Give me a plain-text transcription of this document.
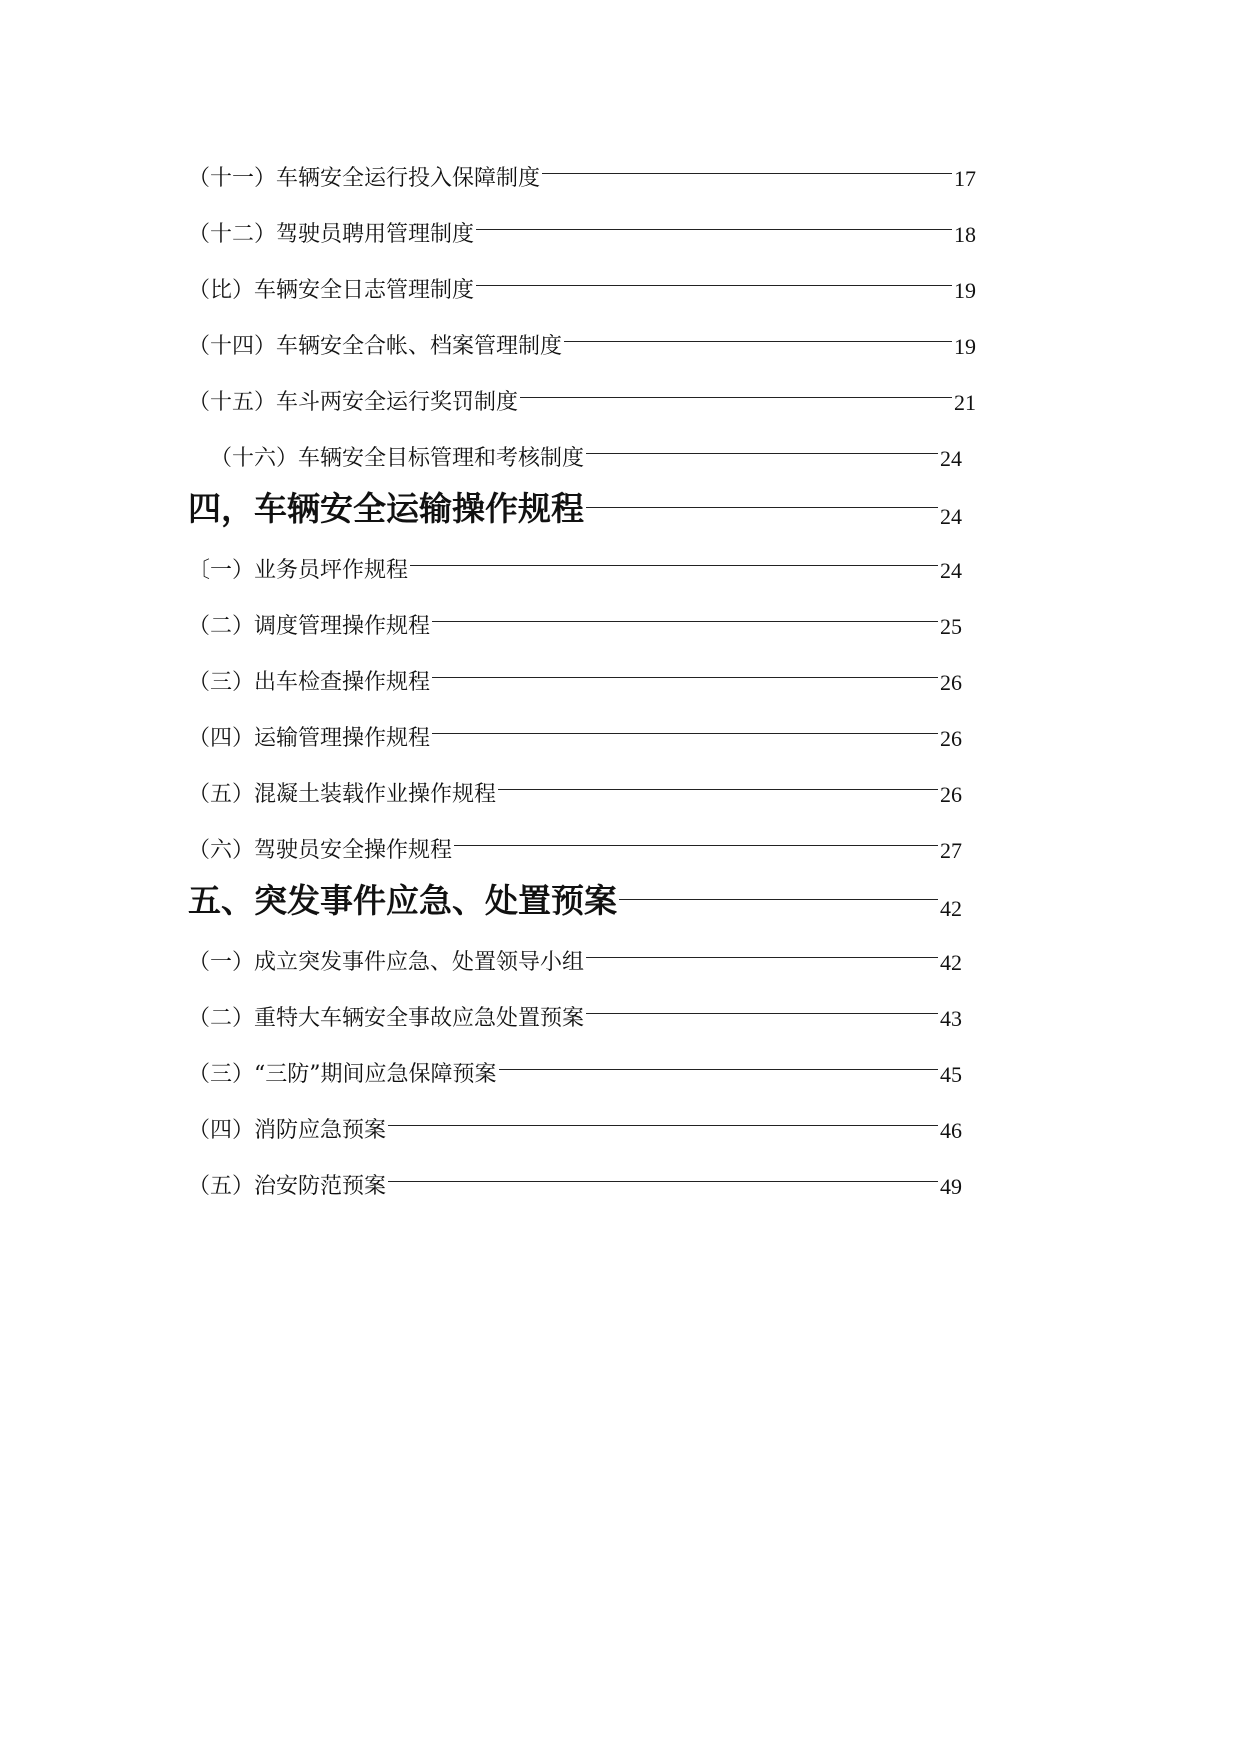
（十一）车辆安全运行投入保障制度	17
（十二）驾驶员聘用管理制度	18
（比）车辆安全日志管理制度	19
（十四）车辆安全合帐、档案管理制度	19
（十五）车斗两安全运行奖罚制度	21
（十六）车辆安全目标管理和考核制度	24
四，车辆安全运输操作规程	24
〔一）业务员坪作规程	24
（二）调度管理操作规程	25
（三）出车检查操作规程	26
（四）运输管理操作规程	26
（五）混凝土装载作业操作规程	26
（六）驾驶员安全操作规程	27
五、突发事件应急、处置预案	42
（一）成立突发事件应急、处置领导小组	42
（二）重特大车辆安全事故应急处置预案	43
（三）“三防”期间应急保障预案	45
（四）消防应急预案	46
（五）治安防范预案	49
